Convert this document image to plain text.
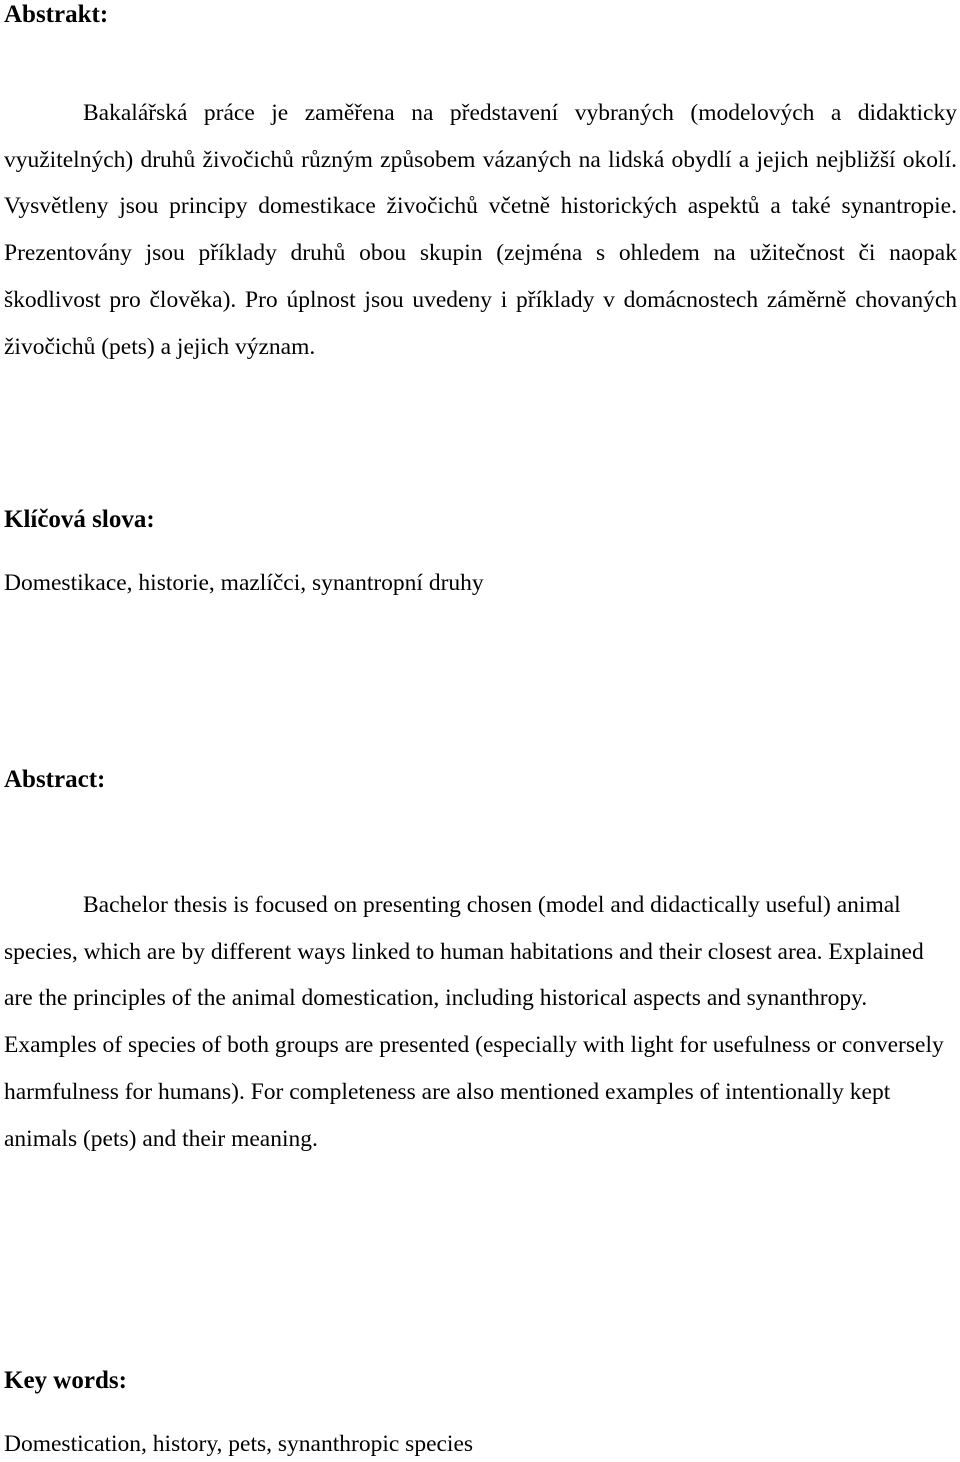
Abstrakt:

Bakalářská práce je zaměřena na představení vybraných (modelových a didakticky využitelných) druhů živočichů různým způsobem vázaných na lidská obydlí a jejich nejbližší okolí. Vysvětleny jsou principy domestikace živočichů včetně historických aspektů a také synantropie. Prezentovány jsou příklady druhů obou skupin (zejména s ohledem na užitečnost či naopak škodlivost pro člověka). Pro úplnost jsou uvedeny i příklady v domácnostech záměrně chovaných živočichů (pets) a jejich význam.

Klíčová slova:

Domestikace, historie, mazlíčci, synantropní druhy

Abstract:

Bachelor thesis is focused on presenting chosen (model and didactically useful) animal species, which are by different ways linked to human habitations and their closest area. Explained are the principles of the animal domestication, including historical aspects and synanthropy. Examples of species of both groups are presented (especially with light for usefulness or conversely harmfulness for humans). For completeness are also mentioned examples of intentionally kept animals (pets) and their meaning.

Key words:

Domestication, history, pets, synanthropic species
